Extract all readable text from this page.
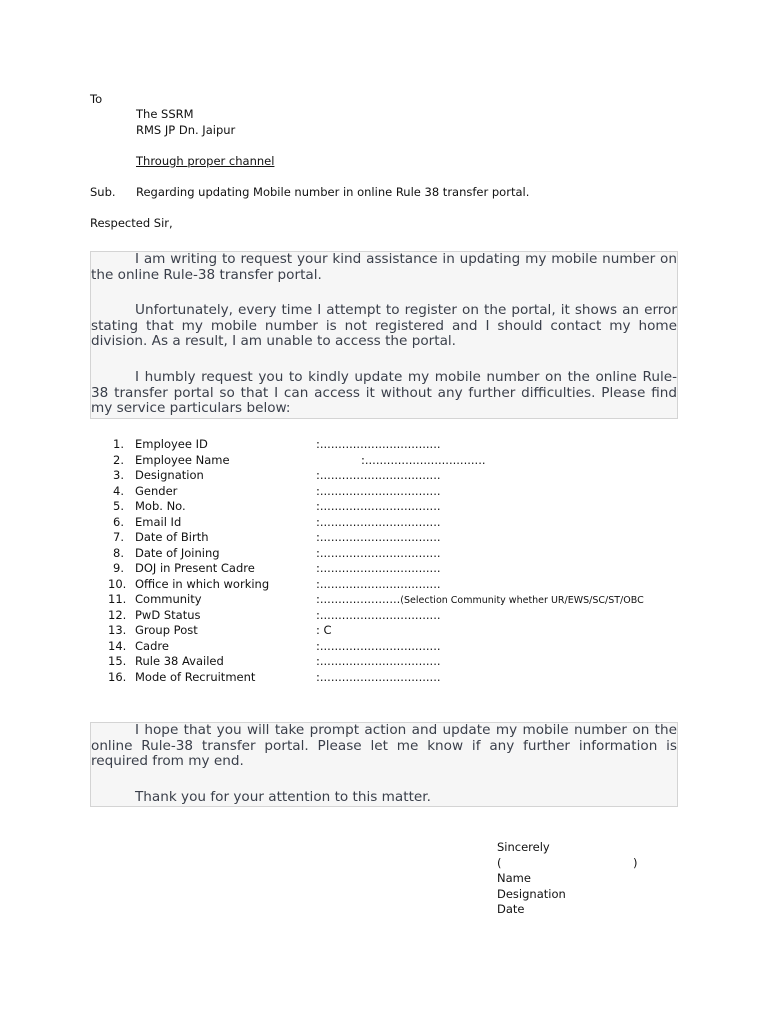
To
The SSRM
RMS JP Dn. Jaipur
Through proper channel
Sub. Regarding updating Mobile number in online Rule 38 transfer portal.
Respected Sir,

I am writing to request your kind assistance in updating my mobile number on the online Rule-38 transfer portal.

Unfortunately, every time I attempt to register on the portal, it shows an error stating that my mobile number is not registered and I should contact my home division. As a result, I am unable to access the portal.

I humbly request you to kindly update my mobile number on the online Rule-38 transfer portal so that I can access it without any further difficulties. Please find my service particulars below:

1. Employee ID	:.................................
2. Employee Name	:.................................
3. Designation	:.................................
4. Gender	:.................................
5. Mob. No.	:.................................
6. Email Id	:.................................
7. Date of Birth	:.................................
8. Date of Joining	:.................................
9. DOJ in Present Cadre	:.................................
10. Office in which working	:.................................
11. Community	:......................(Selection Community whether UR/EWS/SC/ST/OBC
12. PwD Status	:.................................
13. Group Post	: C
14. Cadre	:.................................
15. Rule 38 Availed	:.................................
16. Mode of Recruitment	:.................................

I hope that you will take prompt action and update my mobile number on the online Rule-38 transfer portal. Please let me know if any further information is required from my end.

Thank you for your attention to this matter.

Sincerely
(	)
Name
Designation
Date
